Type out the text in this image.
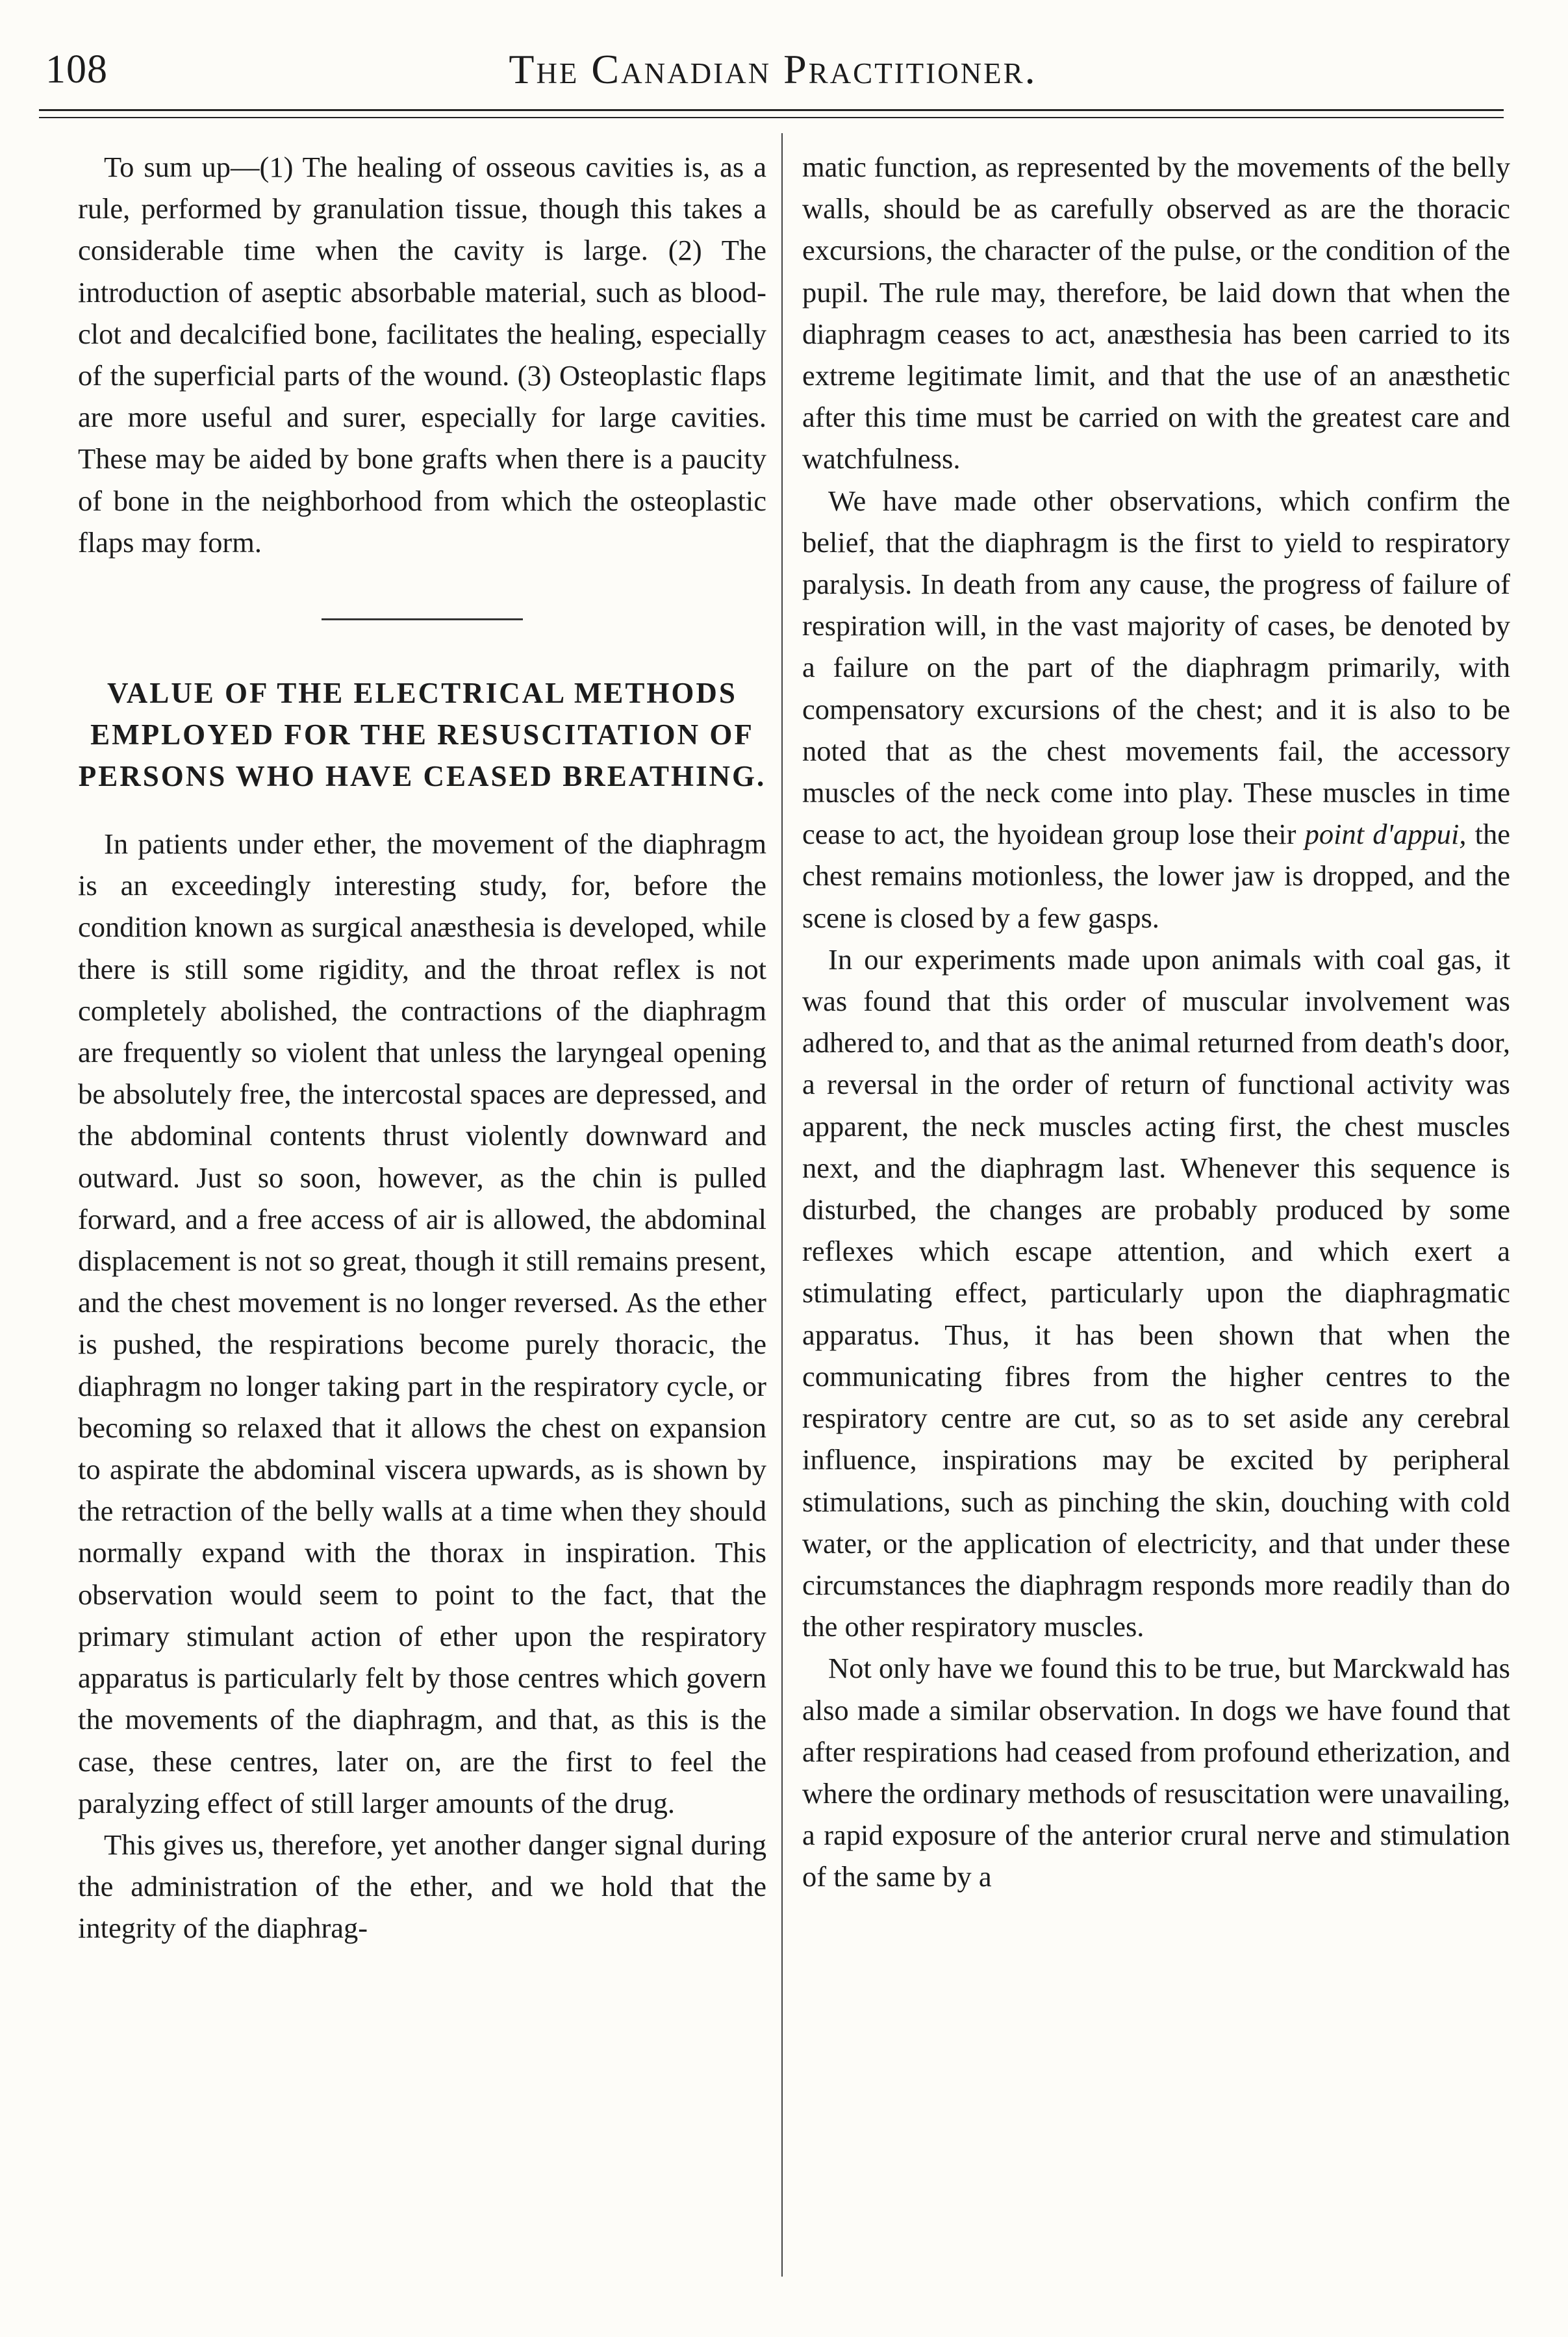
108	The Canadian Practitioner.

To sum up—(1) The healing of osseous cavities is, as a rule, performed by granulation tissue, though this takes a considerable time when the cavity is large. (2) The introduction of aseptic absorbable material, such as blood-clot and decalcified bone, facilitates the healing, especially of the superficial parts of the wound. (3) Osteoplastic flaps are more useful and surer, especially for large cavities. These may be aided by bone grafts when there is a paucity of bone in the neighborhood from which the osteoplastic flaps may form.

VALUE OF THE ELECTRICAL METHODS EMPLOYED FOR THE RESUSCITATION OF PERSONS WHO HAVE CEASED BREATHING.

In patients under ether, the movement of the diaphragm is an exceedingly interesting study, for, before the condition known as surgical anæsthesia is developed, while there is still some rigidity, and the throat reflex is not completely abolished, the contractions of the diaphragm are frequently so violent that unless the laryngeal opening be absolutely free, the intercostal spaces are depressed, and the abdominal contents thrust violently downward and outward. Just so soon, however, as the chin is pulled forward, and a free access of air is allowed, the abdominal displacement is not so great, though it still remains present, and the chest movement is no longer reversed. As the ether is pushed, the respirations become purely thoracic, the diaphragm no longer taking part in the respiratory cycle, or becoming so relaxed that it allows the chest on expansion to aspirate the abdominal viscera upwards, as is shown by the retraction of the belly walls at a time when they should normally expand with the thorax in inspiration. This observation would seem to point to the fact, that the primary stimulant action of ether upon the respiratory apparatus is particularly felt by those centres which govern the movements of the diaphragm, and that, as this is the case, these centres, later on, are the first to feel the paralyzing effect of still larger amounts of the drug.

This gives us, therefore, yet another danger signal during the administration of the ether, and we hold that the integrity of the diaphrag-

matic function, as represented by the movements of the belly walls, should be as carefully observed as are the thoracic excursions, the character of the pulse, or the condition of the pupil. The rule may, therefore, be laid down that when the diaphragm ceases to act, anæsthesia has been carried to its extreme legitimate limit, and that the use of an anæsthetic after this time must be carried on with the greatest care and watchfulness.

We have made other observations, which confirm the belief, that the diaphragm is the first to yield to respiratory paralysis. In death from any cause, the progress of failure of respiration will, in the vast majority of cases, be denoted by a failure on the part of the diaphragm primarily, with compensatory excursions of the chest; and it is also to be noted that as the chest movements fail, the accessory muscles of the neck come into play. These muscles in time cease to act, the hyoidean group lose their point d'appui, the chest remains motionless, the lower jaw is dropped, and the scene is closed by a few gasps.

In our experiments made upon animals with coal gas, it was found that this order of muscular involvement was adhered to, and that as the animal returned from death's door, a reversal in the order of return of functional activity was apparent, the neck muscles acting first, the chest muscles next, and the diaphragm last. Whenever this sequence is disturbed, the changes are probably produced by some reflexes which escape attention, and which exert a stimulating effect, particularly upon the diaphragmatic apparatus. Thus, it has been shown that when the communicating fibres from the higher centres to the respiratory centre are cut, so as to set aside any cerebral influence, inspirations may be excited by peripheral stimulations, such as pinching the skin, douching with cold water, or the application of electricity, and that under these circumstances the diaphragm responds more readily than do the other respiratory muscles.

Not only have we found this to be true, but Marckwald has also made a similar observation. In dogs we have found that after respirations had ceased from profound etherization, and where the ordinary methods of resuscitation were unavailing, a rapid exposure of the anterior crural nerve and stimulation of the same by a
